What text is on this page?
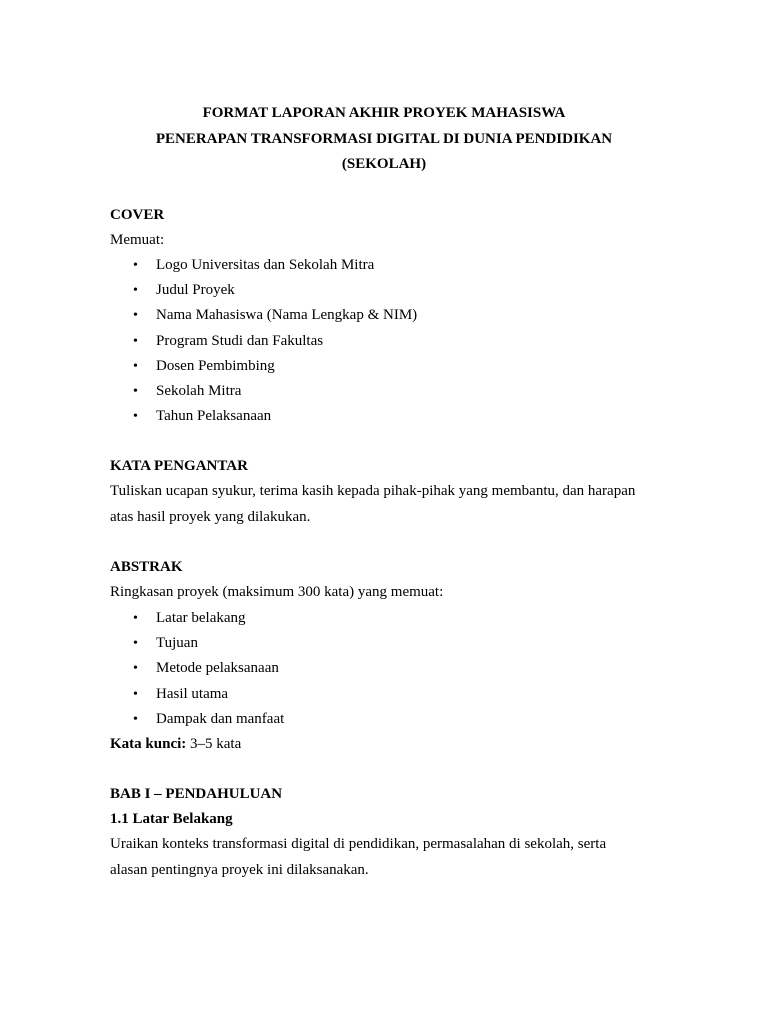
FORMAT LAPORAN AKHIR PROYEK MAHASISWA

PENERAPAN TRANSFORMASI DIGITAL DI DUNIA PENDIDIKAN

(SEKOLAH)

COVER

Memuat:

• Logo Universitas dan Sekolah Mitra
• Judul Proyek
• Nama Mahasiswa (Nama Lengkap & NIM)
• Program Studi dan Fakultas
• Dosen Pembimbing
• Sekolah Mitra
• Tahun Pelaksanaan

KATA PENGANTAR

Tuliskan ucapan syukur, terima kasih kepada pihak-pihak yang membantu, dan harapan

atas hasil proyek yang dilakukan.

ABSTRAK

Ringkasan proyek (maksimum 300 kata) yang memuat:

• Latar belakang
• Tujuan
• Metode pelaksanaan
• Hasil utama
• Dampak dan manfaat

Kata kunci: 3–5 kata

BAB I – PENDAHULUAN

1.1 Latar Belakang

Uraikan konteks transformasi digital di pendidikan, permasalahan di sekolah, serta

alasan pentingnya proyek ini dilaksanakan.
